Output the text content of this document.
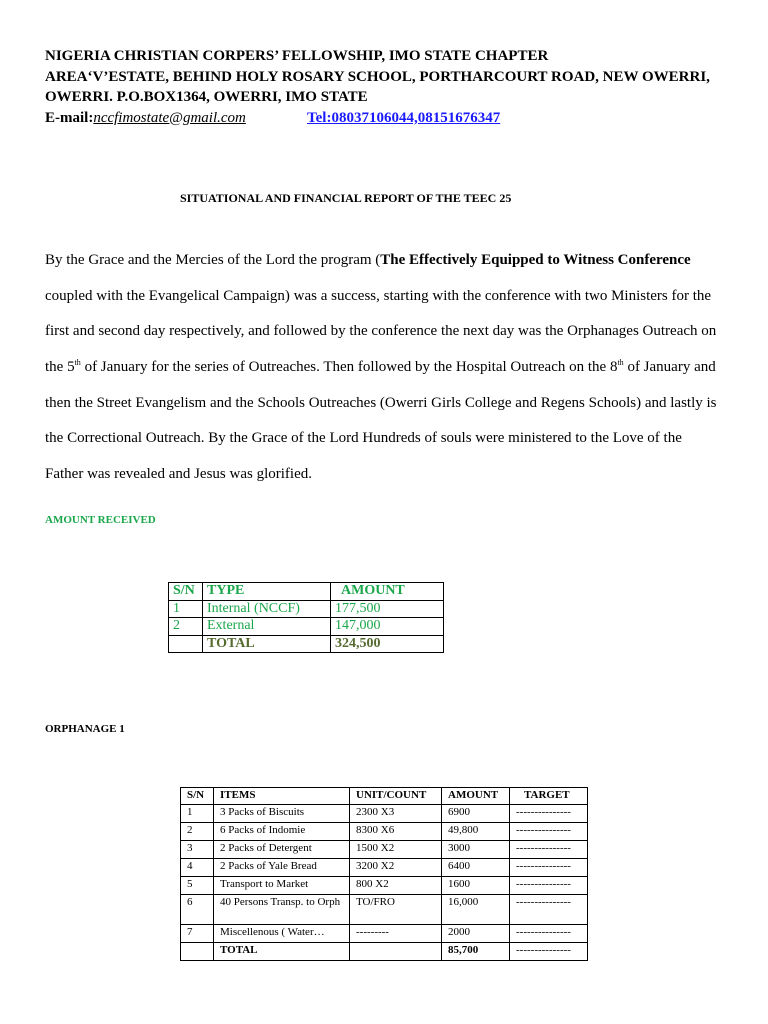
NIGERIA CHRISTIAN CORPERS’ FELLOWSHIP, IMO STATE CHAPTER
AREA‘V’ESTATE, BEHIND HOLY ROSARY SCHOOL, PORTHARCOURT ROAD, NEW OWERRI,
OWERRI. P.O.BOX1364, OWERRI, IMO STATE
E-mail:nccfimostate@gmail.com	Tel:08037106044,08151676347
SITUATIONAL AND FINANCIAL REPORT OF THE TEEC 25

By the Grace and the Mercies of the Lord the program (The Effectively Equipped to Witness Conference

coupled with the Evangelical Campaign) was a success, starting with the conference with two Ministers for the

first and second day respectively, and followed by the conference the next day was the Orphanages Outreach on

the 5th of January for the series of Outreaches. Then followed by the Hospital Outreach on the 8th of January and

then the Street Evangelism and the Schools Outreaches (Owerri Girls College and Regens Schools) and lastly is

the Correctional Outreach. By the Grace of the Lord Hundreds of souls were ministered to the Love of the

Father was revealed and Jesus was glorified.

AMOUNT RECEIVED
S/N	TYPE	AMOUNT
1	Internal (NCCF)	177,500
2	External	147,000
	TOTAL	324,500
ORPHANAGE 1
S/N	ITEMS	UNIT/COUNT	AMOUNT	TARGET
1	3 Packs of Biscuits	2300 X3	6900	---------------
2	6 Packs of Indomie	8300 X6	49,800	---------------
3	2 Packs of Detergent	1500 X2	3000	---------------
4	2 Packs of Yale Bread	3200 X2	6400	---------------
5	Transport to Market	800 X2	1600	---------------
6	40 Persons Transp. to Orph	TO/FRO	16,000	---------------
7	Miscellenous ( Water…	---------	2000	---------------
	TOTAL		85,700	---------------
